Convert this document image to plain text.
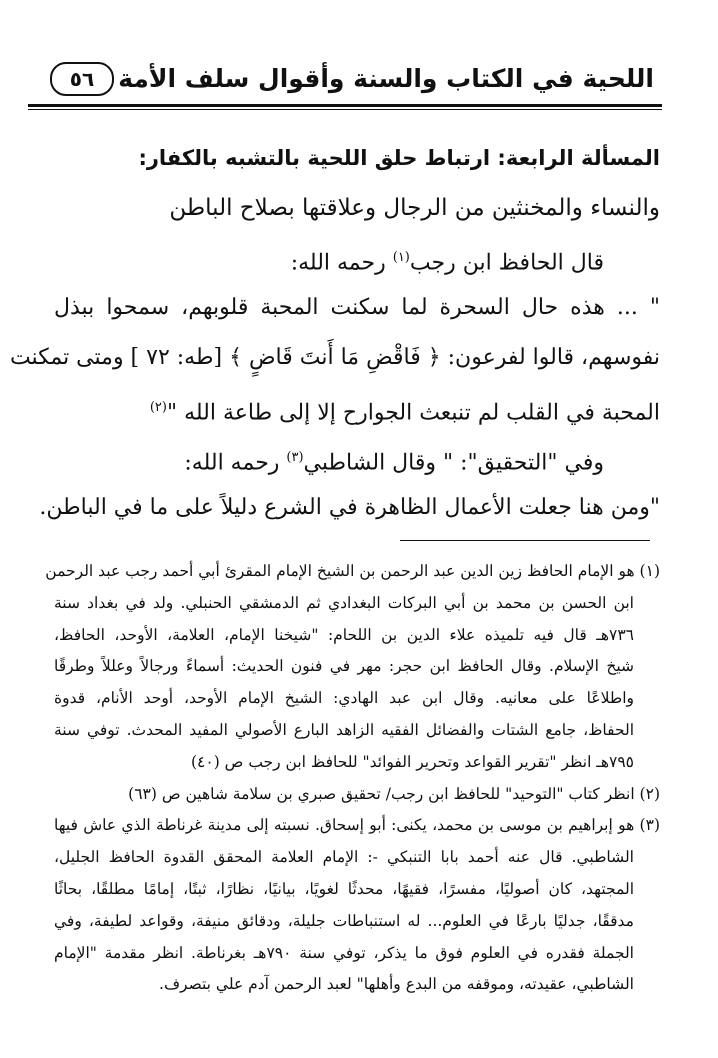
اللحية في الكتاب والسنة وأقوال سلف الأمة
٥٦
المسألة الرابعة: ارتباط حلق اللحية بالتشبه بالكفار:
والنساء والمخنثين من الرجال وعلاقتها بصلاح الباطن
قال الحافظ ابن رجب$^{(١)}$ رحمه الله:
" ... هذه حال السحرة لما سكنت المحبة قلوبهم، سمحوا ببذل
نفوسهم، قالوا لفرعون: ﴿ فَاقْضِ مَا أَنتَ قَاضٍ ﴾ [طه: ٧٢ ] ومتى تمكنت
المحبة في القلب لم تنبعث الجوارح إلا إلى طاعة الله "$^{(٢)}$
وفي "التحقيق": " وقال الشاطبي$^{(٣)}$ رحمه الله:
"ومن هنا جعلت الأعمال الظاهرة في الشرع دليلاً على ما في الباطن.
(١) هو الإمام الحافظ زين الدين عبد الرحمن بن الشيخ الإمام المقرئ أبي أحمد رجب عبد الرحمن
ابن الحسن بن محمد بن أبي البركات البغدادي ثم الدمشقي الحنبلي. ولد في بغداد سنة
٧٣٦هـ قال فيه تلميذه علاء الدين بن اللحام: "شيخنا الإمام، العلامة، الأوحد، الحافظ،
شيخ الإسلام. وقال الحافظ ابن حجر: مهر في فنون الحديث: أسماءً ورجالاً وعللاً وطرقًا
واطلاعًا على معانيه. وقال ابن عبد الهادي: الشيخ الإمام الأوحد، أوحد الأنام، قدوة
الحفاظ، جامع الشتات والفضائل الفقيه الزاهد البارع الأصولي المفيد المحدث. توفي سنة
٧٩٥هـ انظر "تقرير القواعد وتحرير الفوائد" للحافظ ابن رجب ص (٤٠)
(٢) انظر كتاب "التوحيد" للحافظ ابن رجب/ تحقيق صبري بن سلامة شاهين ص (٦٣)
(٣) هو إبراهيم بن موسى بن محمد، يكنى: أبو إسحاق. نسبته إلى مدينة غرناطة الذي عاش فيها
الشاطبي. قال عنه أحمد بابا التنبكي -: الإمام العلامة المحقق القدوة الحافظ الجليل،
المجتهد، كان أصوليًا، مفسرًا، فقيهًا، محدثًا لغويًا، بيانيًا، نظارًا، ثبتًا، إمامًا مطلقًا، بحاثًا
مدققًا، جدليًا بارعًا في العلوم... له استنباطات جليلة، ودقائق منيفة، وقواعد لطيفة، وفي
الجملة فقدره في العلوم فوق ما يذكر، توفي سنة ٧٩٠هـ بغرناطة. انظر مقدمة "الإمام
الشاطبي، عقيدته، وموقفه من البدع وأهلها" لعبد الرحمن آدم علي بتصرف.
